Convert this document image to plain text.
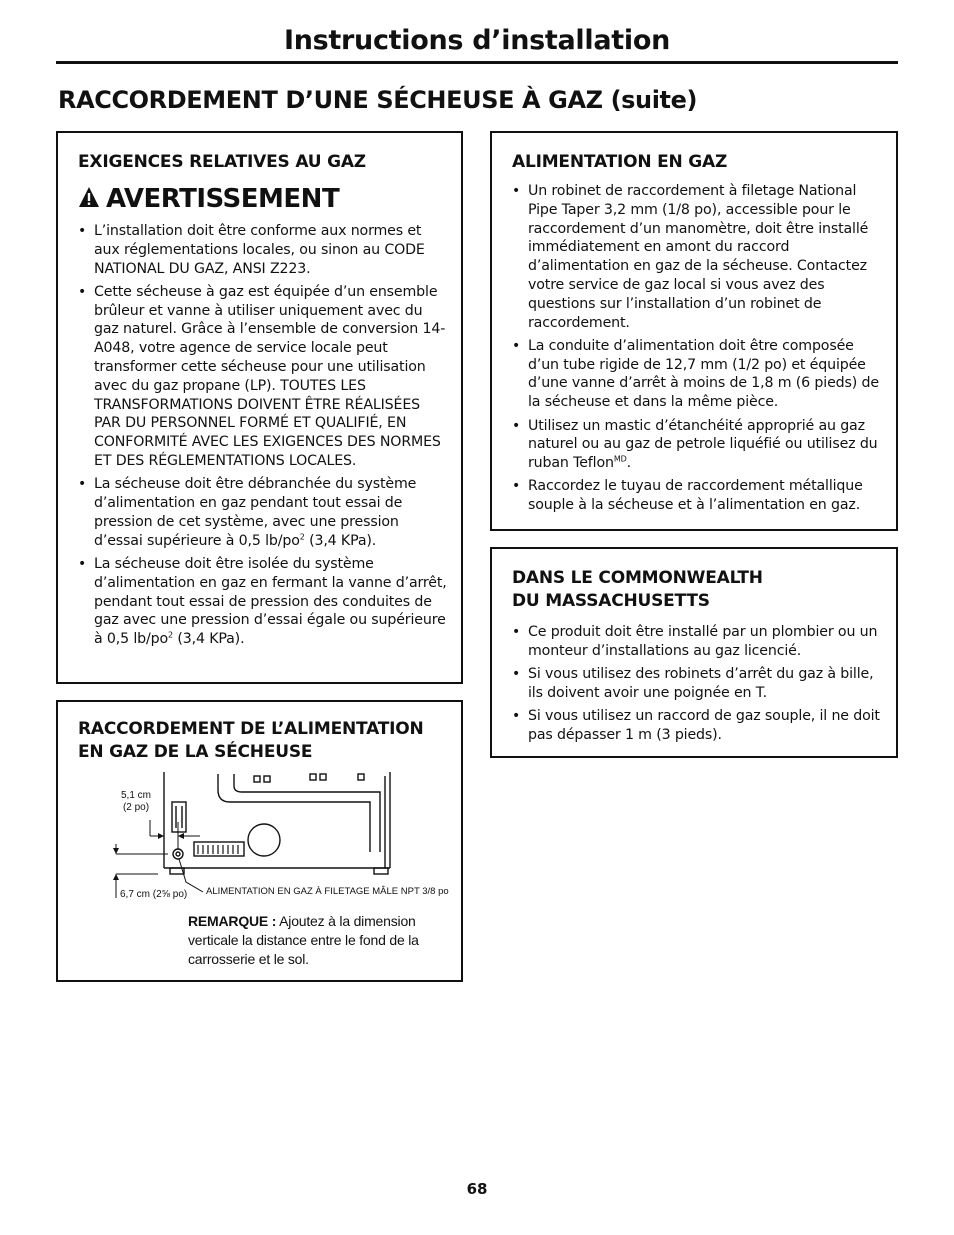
Instructions d’installation
RACCORDEMENT D’UNE SÉCHEUSE À GAZ (suite)
EXIGENCES RELATIVES AU GAZ
AVERTISSEMENT
• L’installation doit être conforme aux normes et aux réglementations locales, ou sinon au CODE NATIONAL DU GAZ, ANSI Z223.
• Cette sécheuse à gaz est équipée d’un ensemble brûleur et vanne à utiliser uniquement avec du gaz naturel. Grâce à l’ensemble de conversion 14-A048, votre agence de service locale peut transformer cette sécheuse pour une utilisation avec du gaz propane (LP). TOUTES LES TRANSFORMATIONS DOIVENT ÊTRE RÉALISÉES PAR DU PERSONNEL FORMÉ ET QUALIFIÉ, EN CONFORMITÉ AVEC LES EXIGENCES DES NORMES ET DES RÉGLEMENTATIONS LOCALES.
• La sécheuse doit être débranchée du système d’alimentation en gaz pendant tout essai de pression de cet système, avec une pression d’essai supérieure à 0,5 $lb/po^2$ (3,4 KPa).
• La sécheuse doit être isolée du système d’alimentation en gaz en fermant la vanne d’arrêt, pendant tout essai de pression des conduites de gaz avec une pression d’essai égale ou supérieure à 0,5 $lb/po^2$ (3,4 KPa).
RACCORDEMENT DE L’ALIMENTATION
EN GAZ DE LA SÉCHEUSE
5,1 cm
(2 po)
6,7 cm (2⅝ po) ALIMENTATION EN GAZ À FILETAGE MÂLE NPT 3/8 po
REMARQUE : Ajoutez à la dimension verticale la distance entre le fond de la carrosserie et le sol.
ALIMENTATION EN GAZ
• Un robinet de raccordement à filetage National Pipe Taper 3,2 mm (1/8 po), accessible pour le raccordement d’un manomètre, doit être installé immédiatement en amont du raccord d’alimentation en gaz de la sécheuse. Contactez votre service de gaz local si vous avez des questions sur l’installation d’un robinet de raccordement.
• La conduite d’alimentation doit être composée d’un tube rigide de 12,7 mm (1/2 po) et équipée d’une vanne d’arrêt à moins de 1,8 m (6 pieds) de la sécheuse et dans la même pièce.
• Utilisez un mastic d’étanchéité approprié au gaz naturel ou au gaz de petrole liquéfié ou utilisez du ruban Teflon$^{MD}$.
• Raccordez le tuyau de raccordement métallique souple à la sécheuse et à l’alimentation en gaz.
DANS LE COMMONWEALTH
DU MASSACHUSETTS
• Ce produit doit être installé par un plombier ou un monteur d’installations au gaz licencié.
• Si vous utilisez des robinets d’arrêt du gaz à bille, ils doivent avoir une poignée en T.
• Si vous utilisez un raccord de gaz souple, il ne doit pas dépasser 1 m (3 pieds).
68
